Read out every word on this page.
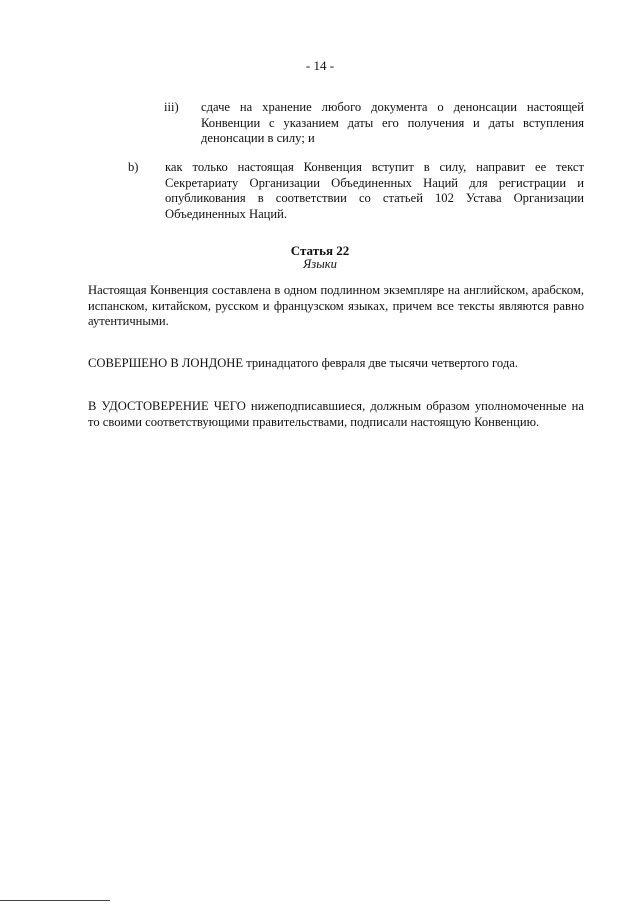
- 14 -
iii) сдаче на хранение любого документа о денонсации настоящей Конвенции с указанием даты его получения и даты вступления денонсации в силу; и
b) как только настоящая Конвенция вступит в силу, направит ее текст Секретариату Организации Объединенных Наций для регистрации и опубликования в соответствии со статьей 102 Устава Организации Объединенных Наций.
Статья 22
Языки

Настоящая Конвенция составлена в одном подлинном экземпляре на английском, арабском, испанском, китайском, русском и французском языках, причем все тексты являются равно аутентичными.

СОВЕРШЕНО В ЛОНДОНЕ тринадцатого февраля две тысячи четвертого года.

В УДОСТОВЕРЕНИЕ ЧЕГО нижеподписавшиеся, должным образом уполномоченные на то своими соответствующими правительствами, подписали настоящую Конвенцию.
